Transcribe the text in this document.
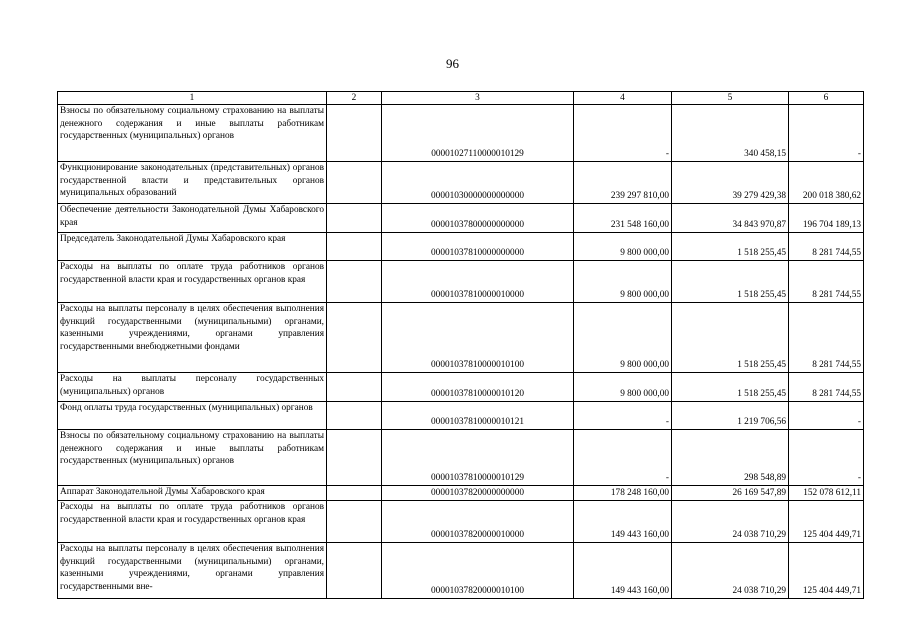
96
1	2	3	4	5	6
Взносы по обязательному социальному страхованию на выплаты денежного содержания и иные выплаты работникам государственных (муниципальных) органов		00001027110000010129	-	340 458,15	-
Функционирование законодательных (представительных) органов государственной власти и представительных органов муниципальных образований		00001030000000000000	239 297 810,00	39 279 429,38	200 018 380,62
Обеспечение деятельности Законодательной Думы Хабаровского края		00001037800000000000	231 548 160,00	34 843 970,87	196 704 189,13
Председатель Законодательной Думы Хабаровского края		00001037810000000000	9 800 000,00	1 518 255,45	8 281 744,55
Расходы на выплаты по оплате труда работников органов государственной власти края и государственных органов края		00001037810000010000	9 800 000,00	1 518 255,45	8 281 744,55
Расходы на выплаты персоналу в целях обеспечения выполнения функций государственными (муниципальными) органами, казенными учреждениями, органами управления государственными внебюджетными фондами		00001037810000010100	9 800 000,00	1 518 255,45	8 281 744,55
Расходы на выплаты персоналу государственных (муниципальных) органов		00001037810000010120	9 800 000,00	1 518 255,45	8 281 744,55
Фонд оплаты труда государственных (муниципальных) органов		00001037810000010121	-	1 219 706,56	-
Взносы по обязательному социальному страхованию на выплаты денежного содержания и иные выплаты работникам государственных (муниципальных) органов		00001037810000010129	-	298 548,89	-
Аппарат Законодательной Думы Хабаровского края		00001037820000000000	178 248 160,00	26 169 547,89	152 078 612,11
Расходы на выплаты по оплате труда работников органов государственной власти края и государственных органов края		00001037820000010000	149 443 160,00	24 038 710,29	125 404 449,71
Расходы на выплаты персоналу в целях обеспечения выполнения функций государственными (муниципальными) органами, казенными учреждениями, органами управления государственными вне-		00001037820000010100	149 443 160,00	24 038 710,29	125 404 449,71
